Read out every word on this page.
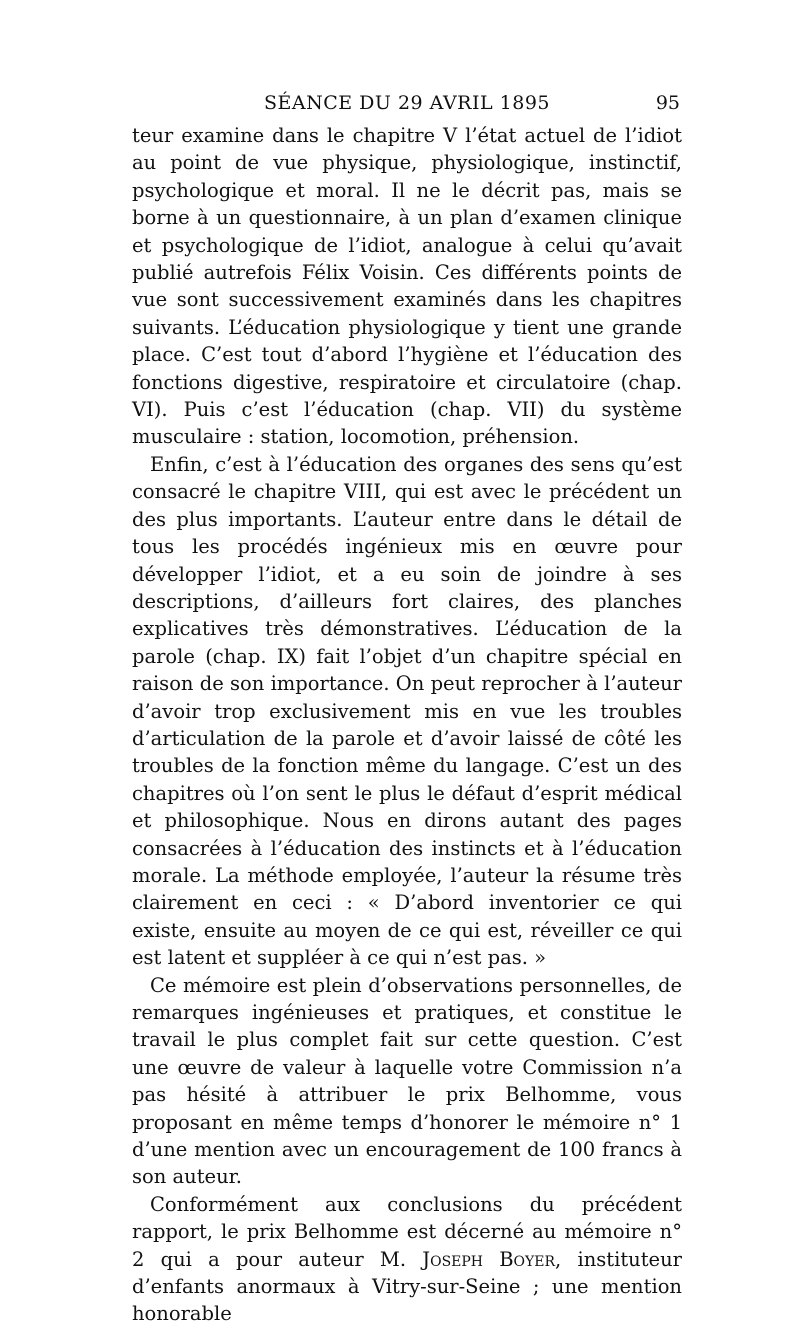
SÉANCE DU 29 AVRIL 1895	95

teur examine dans le chapitre V l’état actuel de l’idiot au point de vue physique, physiologique, instinctif, psychologique et moral. Il ne le décrit pas, mais se borne à un questionnaire, à un plan d’examen clinique et psychologique de l’idiot, analogue à celui qu’avait publié autrefois Félix Voisin. Ces différents points de vue sont successivement examinés dans les chapitres suivants. L’éducation physiologique y tient une grande place. C’est tout d’abord l’hygiène et l’éducation des fonctions digestive, respiratoire et circulatoire (chap. VI). Puis c’est l’éducation (chap. VII) du système musculaire : station, locomotion, préhension.

Enfin, c’est à l’éducation des organes des sens qu’est consacré le chapitre VIII, qui est avec le précédent un des plus importants. L’auteur entre dans le détail de tous les procédés ingénieux mis en œuvre pour développer l’idiot, et a eu soin de joindre à ses descriptions, d’ailleurs fort claires, des planches explicatives très démonstratives. L’éducation de la parole (chap. IX) fait l’objet d’un chapitre spécial en raison de son importance. On peut reprocher à l’auteur d’avoir trop exclusivement mis en vue les troubles d’articulation de la parole et d’avoir laissé de côté les troubles de la fonction même du langage. C’est un des chapitres où l’on sent le plus le défaut d’esprit médical et philosophique. Nous en dirons autant des pages consacrées à l’éducation des instincts et à l’éducation morale. La méthode employée, l’auteur la résume très clairement en ceci : « D’abord inventorier ce qui existe, ensuite au moyen de ce qui est, réveiller ce qui est latent et suppléer à ce qui n’est pas. »

Ce mémoire est plein d’observations personnelles, de remarques ingénieuses et pratiques, et constitue le travail le plus complet fait sur cette question. C’est une œuvre de valeur à laquelle votre Commission n’a pas hésité à attribuer le prix Belhomme, vous proposant en même temps d’honorer le mémoire n° 1 d’une mention avec un encouragement de 100 francs à son auteur.

Conformément aux conclusions du précédent rapport, le prix Belhomme est décerné au mémoire n° 2 qui a pour auteur M. Joseph Boyer, instituteur d’enfants anormaux à Vitry-sur-Seine ; une mention honorable
